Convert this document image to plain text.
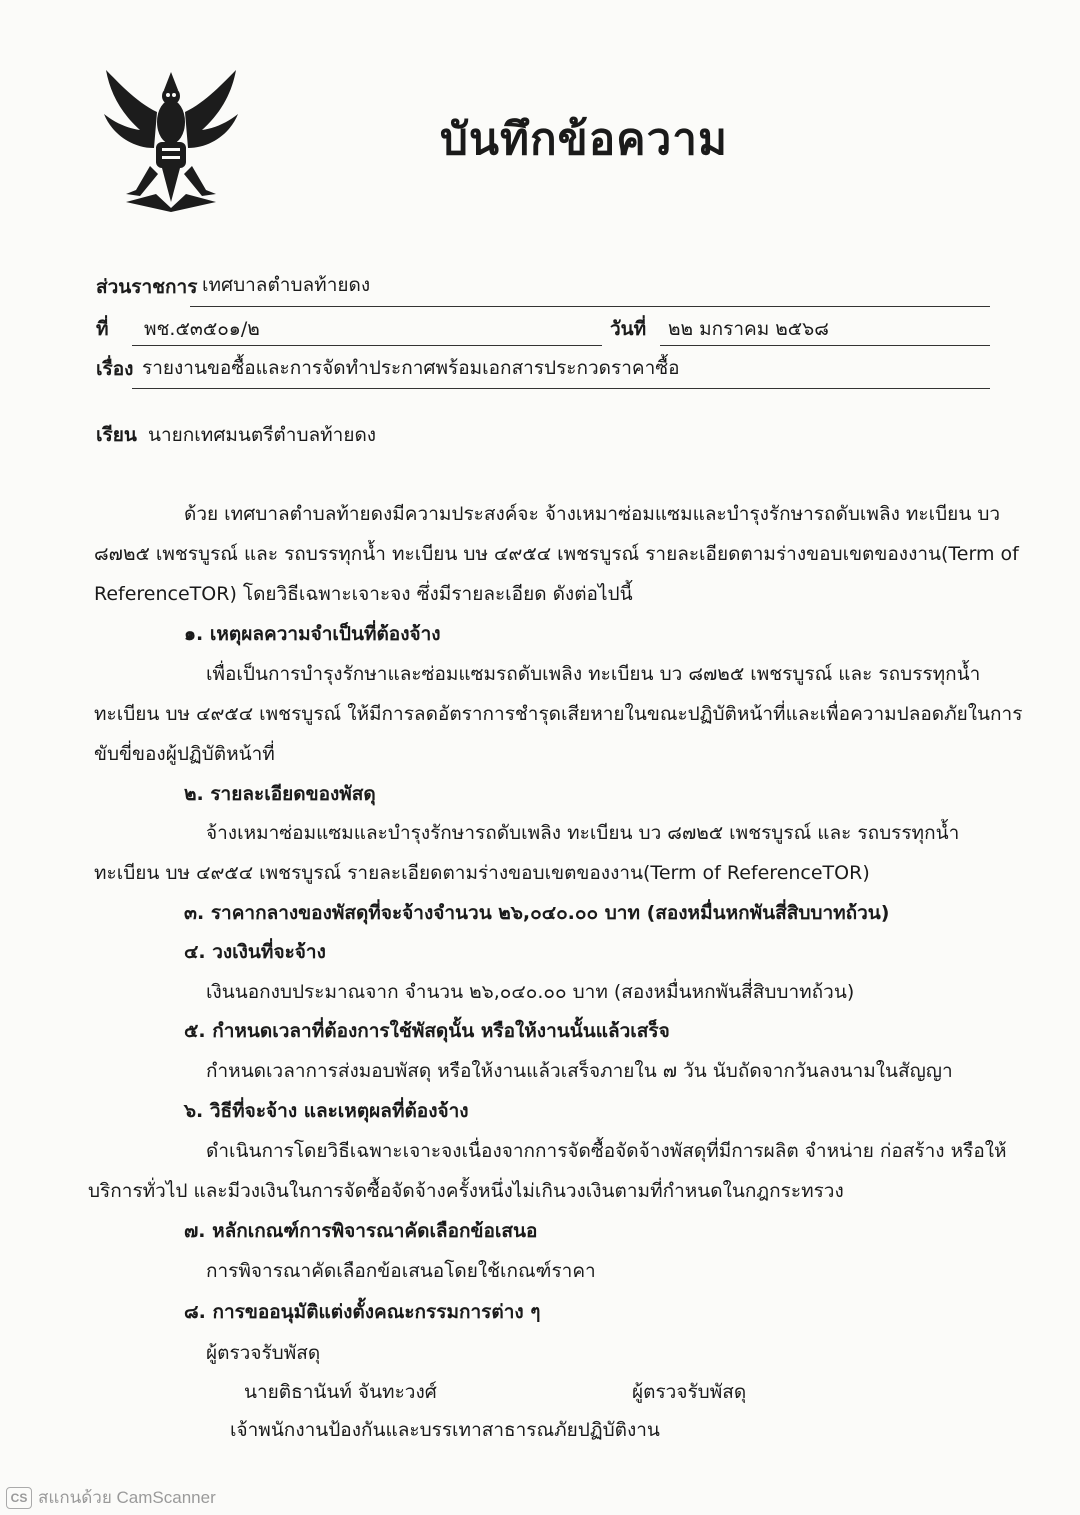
บันทึกข้อความ
ส่วนราชการ เทศบาลตำบลท้ายดง
ที่ พช.๕๓๕๐๑/๒	วันที่ ๒๒ มกราคม ๒๕๖๘
เรื่อง รายงานขอซื้อและการจัดทำประกาศพร้อมเอกสารประกวดราคาซื้อ
เรียน นายกเทศมนตรีตำบลท้ายดง
ด้วย เทศบาลตำบลท้ายดงมีความประสงค์จะ จ้างเหมาซ่อมแซมและบำรุงรักษารถดับเพลิง ทะเบียน บว
๘๗๒๕ เพชรบูรณ์ และ รถบรรทุกน้ำ ทะเบียน บษ ๔๙๕๔ เพชรบูรณ์ รายละเอียดตามร่างขอบเขตของงาน(Term of
ReferenceTOR) โดยวิธีเฉพาะเจาะจง ซึ่งมีรายละเอียด ดังต่อไปนี้
๑. เหตุผลความจำเป็นที่ต้องจ้าง
เพื่อเป็นการบำรุงรักษาและซ่อมแซมรถดับเพลิง ทะเบียน บว ๘๗๒๕ เพชรบูรณ์ และ รถบรรทุกน้ำ
ทะเบียน บษ ๔๙๕๔ เพชรบูรณ์ ให้มีการลดอัตราการชำรุดเสียหายในขณะปฏิบัติหน้าที่และเพื่อความปลอดภัยในการ
ขับขี่ของผู้ปฏิบัติหน้าที่
๒. รายละเอียดของพัสดุ
จ้างเหมาซ่อมแซมและบำรุงรักษารถดับเพลิง ทะเบียน บว ๘๗๒๕ เพชรบูรณ์ และ รถบรรทุกน้ำ
ทะเบียน บษ ๔๙๕๔ เพชรบูรณ์ รายละเอียดตามร่างขอบเขตของงาน(Term of ReferenceTOR)
๓. ราคากลางของพัสดุที่จะจ้างจำนวน ๒๖,๐๔๐.๐๐ บาท (สองหมื่นหกพันสี่สิบบาทถ้วน)
๔. วงเงินที่จะจ้าง
เงินนอกงบประมาณจาก จำนวน ๒๖,๐๔๐.๐๐ บาท (สองหมื่นหกพันสี่สิบบาทถ้วน)
๕. กำหนดเวลาที่ต้องการใช้พัสดุนั้น หรือให้งานนั้นแล้วเสร็จ
กำหนดเวลาการส่งมอบพัสดุ หรือให้งานแล้วเสร็จภายใน ๗ วัน นับถัดจากวันลงนามในสัญญา
๖. วิธีที่จะจ้าง และเหตุผลที่ต้องจ้าง
ดำเนินการโดยวิธีเฉพาะเจาะจงเนื่องจากการจัดซื้อจัดจ้างพัสดุที่มีการผลิต จำหน่าย ก่อสร้าง หรือให้
บริการทั่วไป และมีวงเงินในการจัดซื้อจัดจ้างครั้งหนึ่งไม่เกินวงเงินตามที่กำหนดในกฎกระทรวง
๗. หลักเกณฑ์การพิจารณาคัดเลือกข้อเสนอ
การพิจารณาคัดเลือกข้อเสนอโดยใช้เกณฑ์ราคา
๘. การขออนุมัติแต่งตั้งคณะกรรมการต่าง ๆ
ผู้ตรวจรับพัสดุ
นายติธานันท์ จันทะวงศ์	ผู้ตรวจรับพัสดุ
เจ้าพนักงานป้องกันและบรรเทาสาธารณภัยปฏิบัติงาน
CS สแกนด้วย CamScanner
